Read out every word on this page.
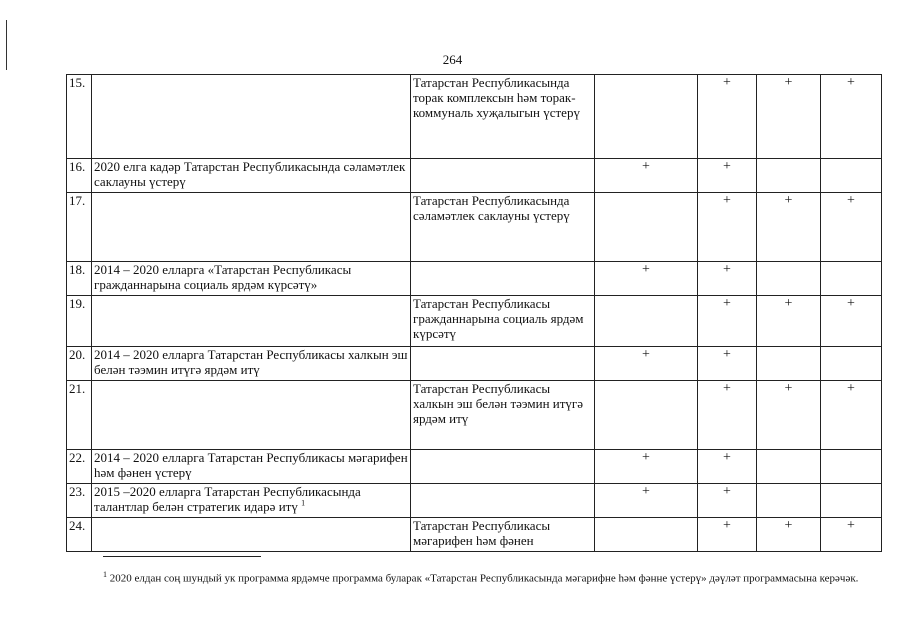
264
15.		Татарстан Республикасында торак комплексын һәм торак-коммуналь хуҗалыгын үстерү		+	+	+
16.	2020 елга кадәр Татарстан Республикасында сәламәтлек саклауны үстерү		+	+		
17.		Татарстан Республикасында сәламәтлек саклауны үстерү		+	+	+
18.	2014 – 2020 елларга «Татарстан Республикасы гражданнарына социаль ярдәм күрсәтү»		+	+		
19.		Татарстан Республикасы гражданнарына социаль ярдәм күрсәтү		+	+	+
20.	2014 – 2020 елларга Татарстан Республикасы халкын эш белән тәэмин итүгә ярдәм итү		+	+		
21.		Татарстан Республикасы халкын эш белән тәэмин итүгә ярдәм итү		+	+	+
22.	2014 – 2020 елларга Татарстан Республикасы мәгарифен һәм фәнен үстерү		+	+		
23.	2015 –2020 елларга Татарстан Республикасында талантлар белән стратегик идарә итү $^1$		+	+		
24.		Татарстан Республикасы мәгарифен һәм фәнен		+	+	+
$^1$ 2020 елдан соң шундый ук программа ярдәмче программа буларак «Татарстан Республикасында мәгарифне һәм фәнне үстерү» дәүләт программасына керәчәк.
